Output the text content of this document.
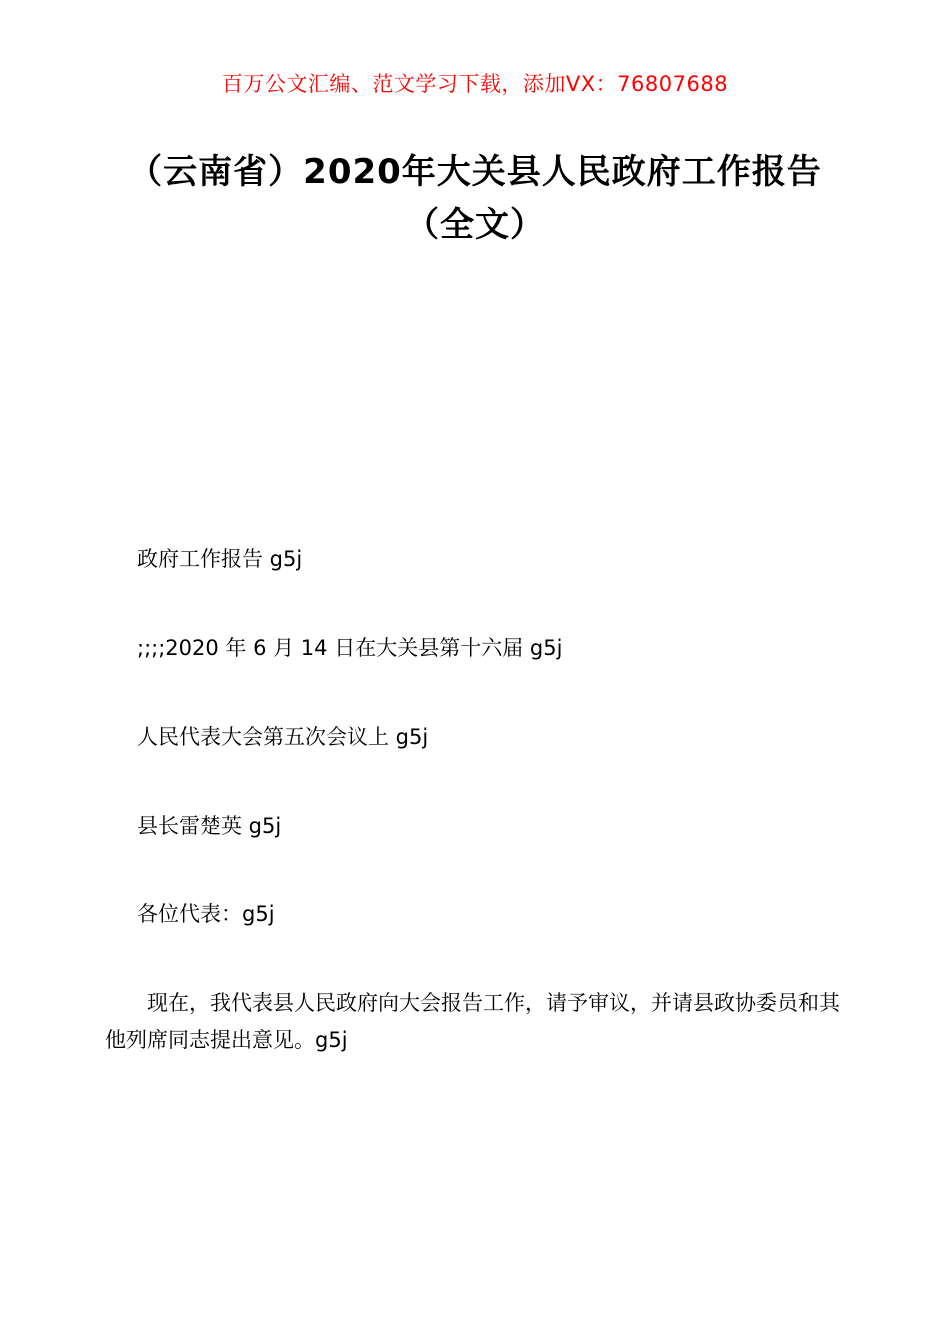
百万公文汇编、范文学习下载，添加VX：76807688
（云南省）2020年大关县人民政府工作报告（全文）

政府工作报告 g5j

;;;;2020 年 6 月 14 日在大关县第十六届 g5j

人民代表大会第五次会议上 g5j

县长雷楚英 g5j

各位代表：g5j

现在，我代表县人民政府向大会报告工作，请予审议，并请县政协委员和其他列席同志提出意见。g5j
